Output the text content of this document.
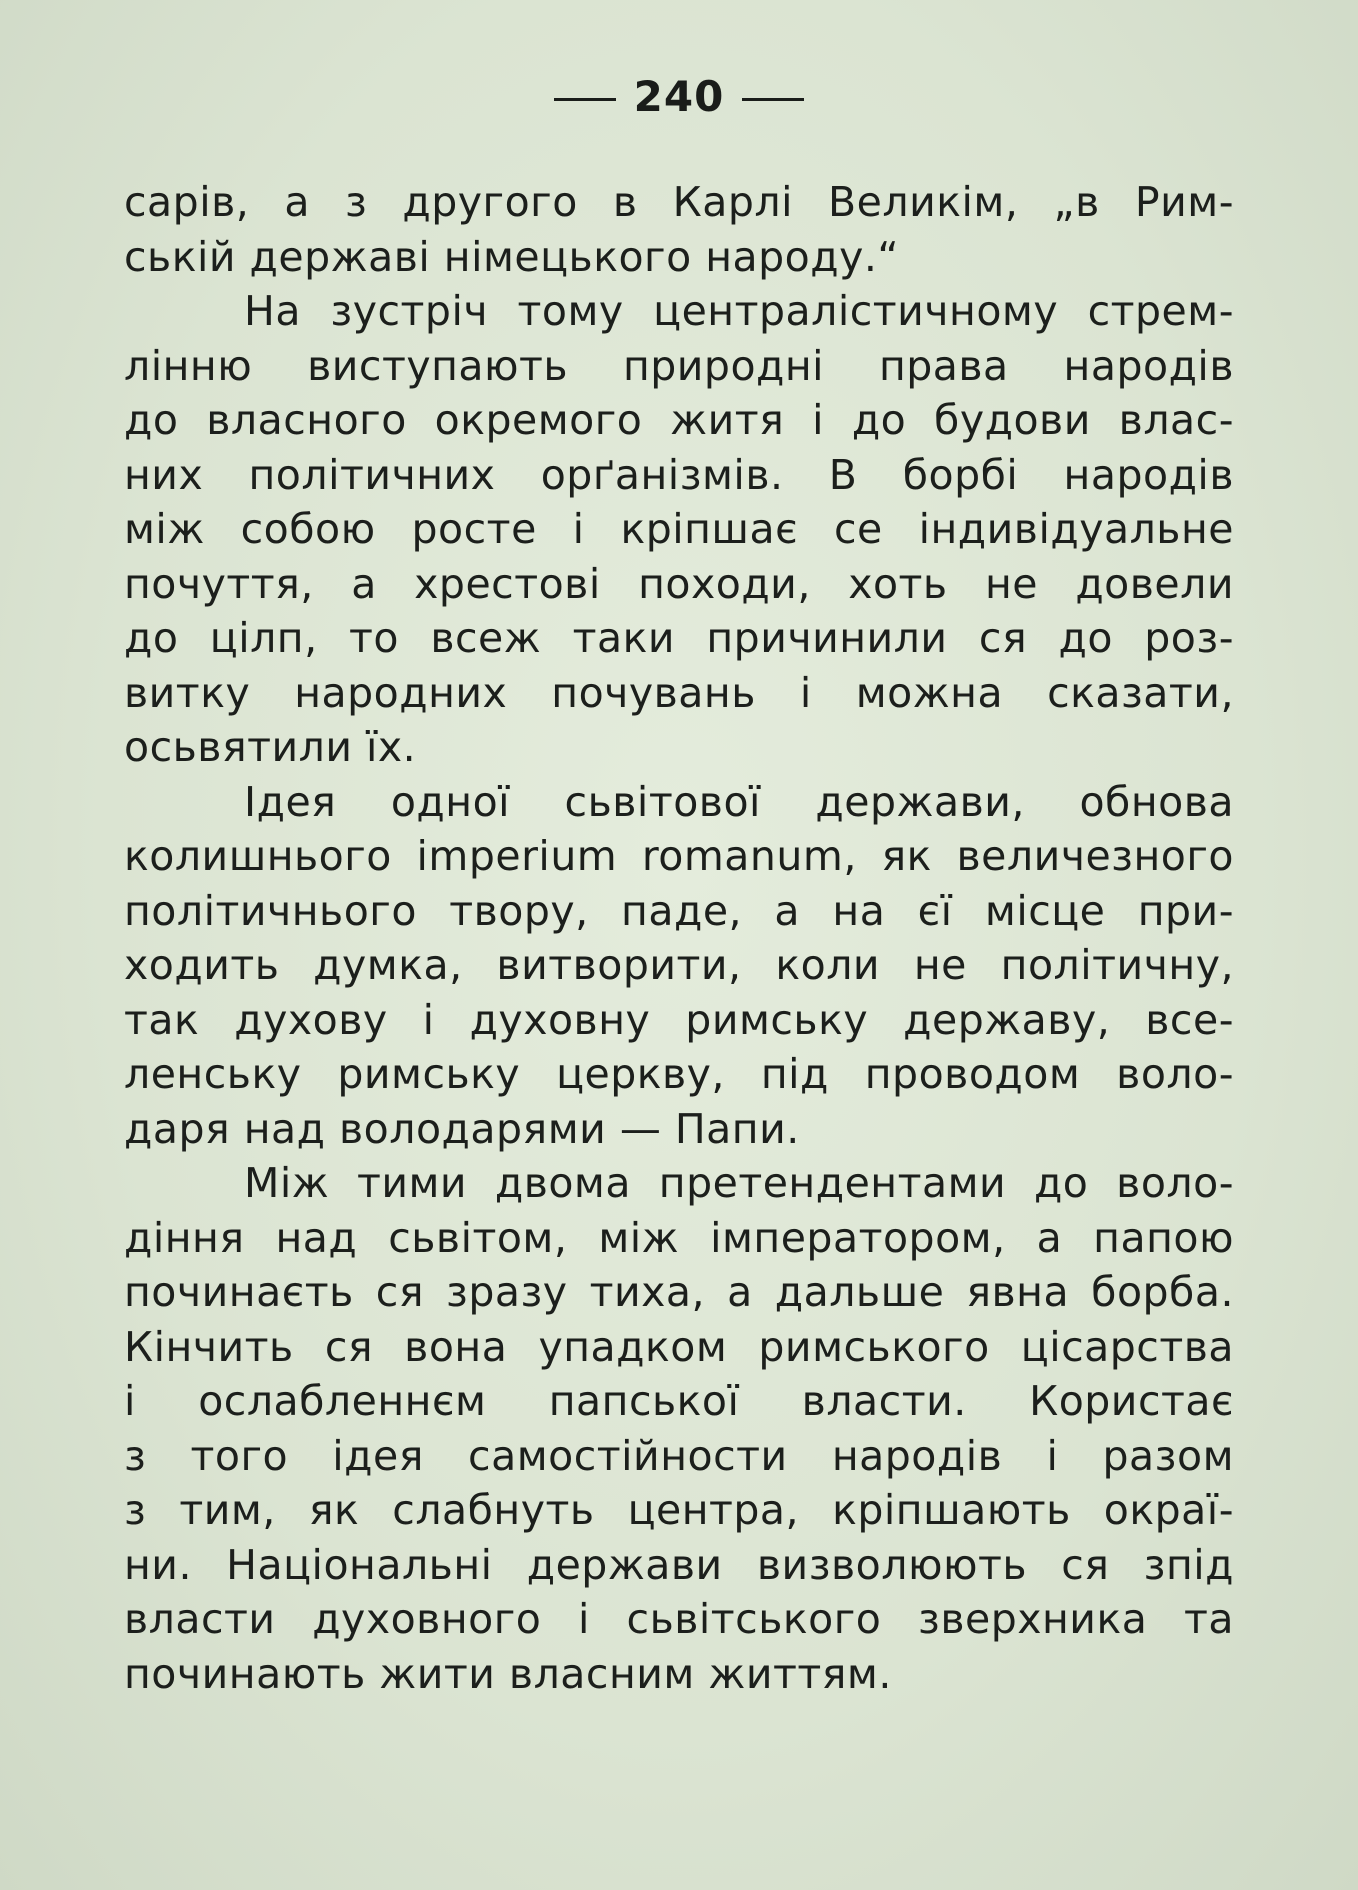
240
сарів, а з другого в Карлі Великім, „в Рим-
ській державі німецького народу.“
На зустріч тому централістичному стрем-
лінню виступають природні права народів
до власного окремого житя і до будови влас-
них політичних орґанізмів. В борбі народів
між собою росте і кріпшає се індивідуальне
почуття, а хрестові походи, хоть не довели
до цілп, то всеж таки причинили ся до роз-
витку народних почувань і можна сказати,
осьвятили їх.
Ідея одної сьвітової держави, обнова
колишнього imperium romanum, як величезного
політичнього твору, паде, а на єї місце при-
ходить думка, витворити, коли не політичну,
так духову і духовну римську державу, все-
ленську римську церкву, під проводом воло-
даря над володарями — Папи.
Між тими двома претендентами до воло-
діння над сьвітом, між імператором, а папою
починаєть ся зразу тиха, а дальше явна борба.
Кінчить ся вона упадком римського цісарства
і ослабленнєм папської власти. Користає
з того ідея самостійности народів і разом
з тим, як слабнуть центра, кріпшають окраї-
ни. Національні держави визволюють ся зпід
власти духовного і сьвітського зверхника та
починають жити власним життям.
